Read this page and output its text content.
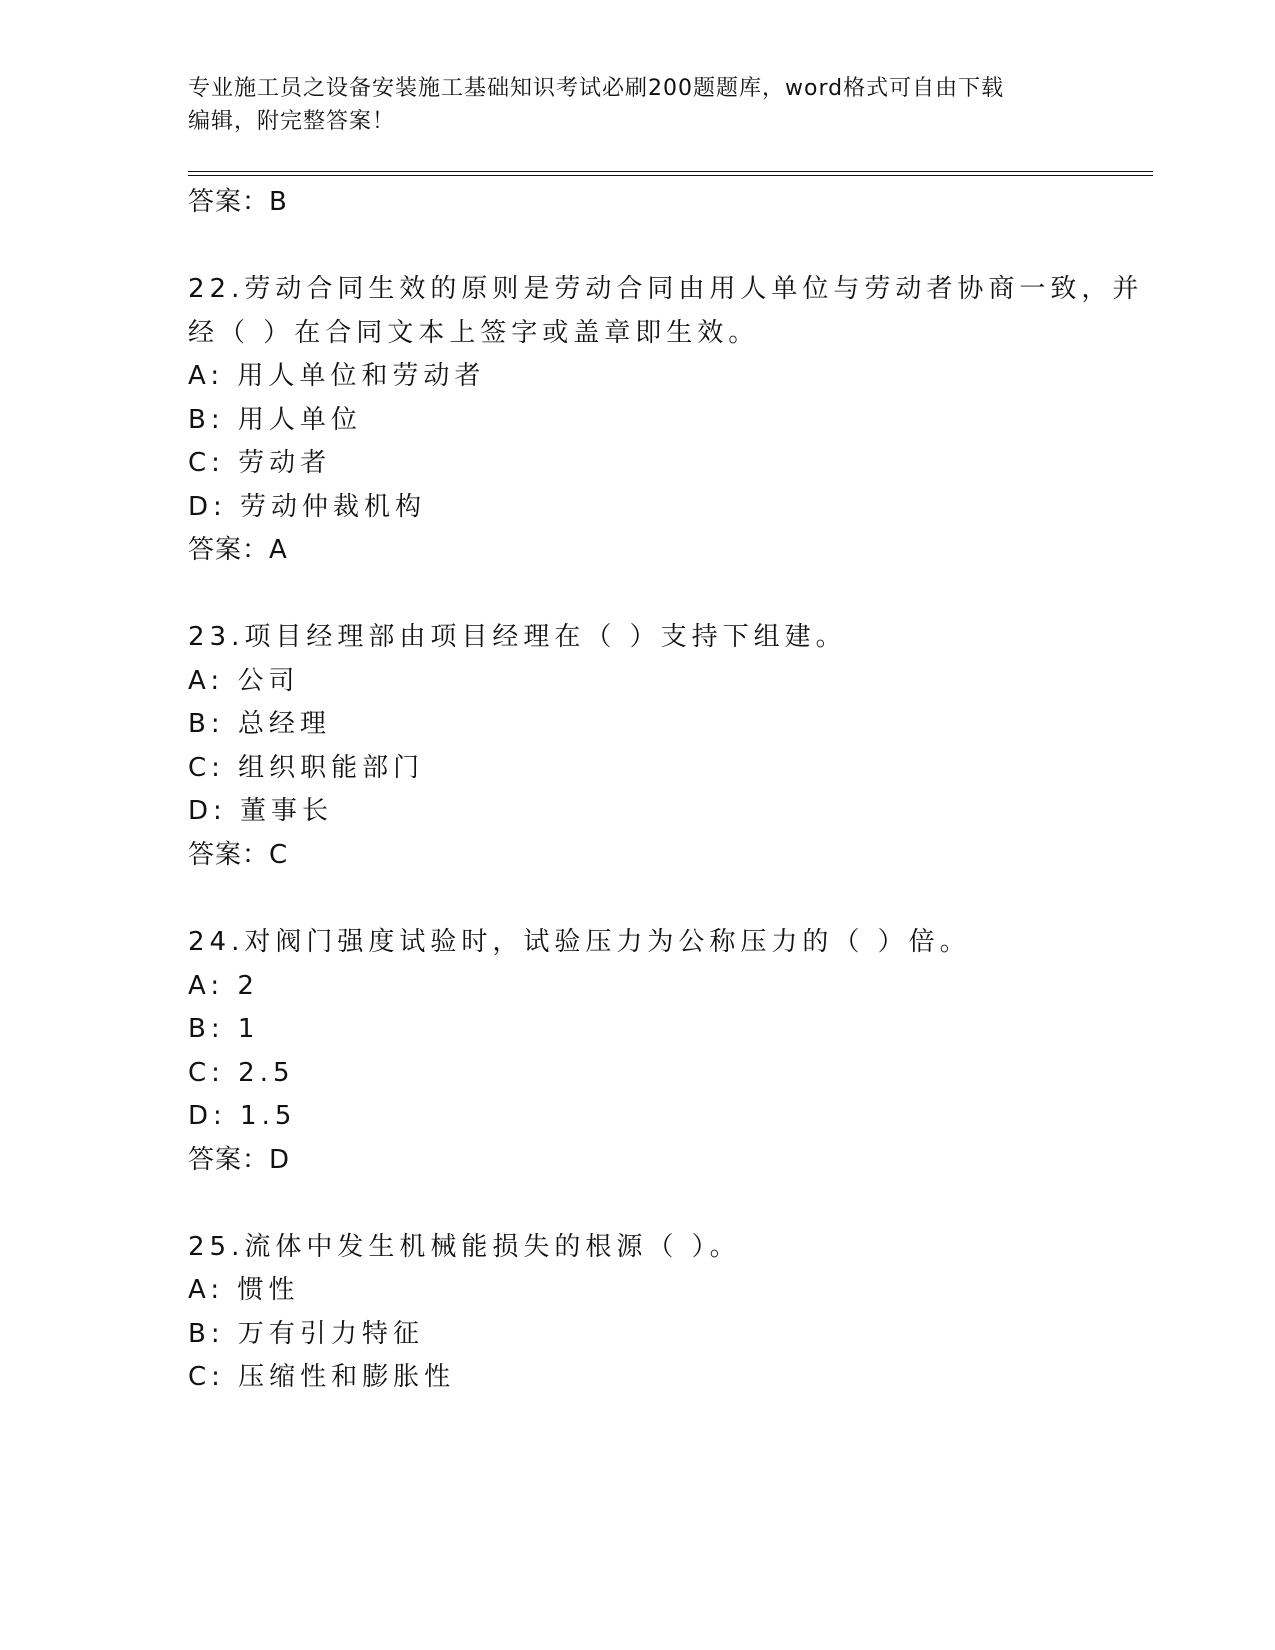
专业施工员之设备安装施工基础知识考试必刷200题题库，word格式可自由下载
编辑，附完整答案！
答案：B
22.劳动合同生效的原则是劳动合同由用人单位与劳动者协商一致，并
经（ ）在合同文本上签字或盖章即生效。
A: 用人单位和劳动者
B: 用人单位
C: 劳动者
D: 劳动仲裁机构
答案：A
23.项目经理部由项目经理在（ ）支持下组建。
A: 公司
B: 总经理
C: 组织职能部门
D: 董事长
答案：C
24.对阀门强度试验时，试验压力为公称压力的（ ）倍。
A: 2
B: 1
C: 2.5
D: 1.5
答案：D
25.流体中发生机械能损失的根源（ ）。
A: 惯性
B: 万有引力特征
C: 压缩性和膨胀性
